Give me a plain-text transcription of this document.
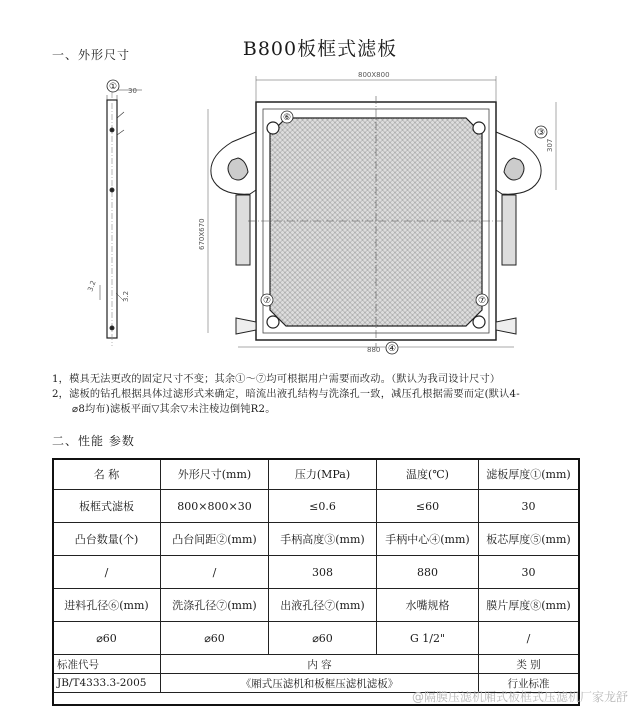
B800板框式滤板
一、外形尺寸
① 30
3.2
3.2
800X800
670X670
880
307
④
③
⑥
⑦	⑦
1，模具无法更改的固定尺寸不变；其余①～⑦均可根据用户需要而改动。（默认为我司设计尺寸）
2，滤板的钻孔根据具体过滤形式来确定，暗流出液孔结构与洗涤孔一致，减压孔根据需要而定(默认4-
⌀8均布)滤板平面▽其余▽未注棱边倒钝R2。
二、性能 参数
名 称	外形尺寸(mm)	压力(MPa)	温度(℃)	滤板厚度①(mm)
板框式滤板	800×800×30	≤0.6	≤60	30
凸台数量(个)	凸台间距②(mm)	手柄高度③(mm)	手柄中心④(mm)	板芯厚度⑤(mm)
/	/	308	880	30
进料孔径⑥(mm)	洗涤孔径⑦(mm)	出液孔径⑦(mm)	水嘴规格	膜片厚度⑧(mm)
⌀60	⌀60	⌀60	G 1/2"	/
标准代号	内 容			类 别
JB/T4333.3-2005	《厢式压滤机和板框压滤机滤板》			行业标准
@隔膜压滤机厢式板框式压滤机厂家龙舒
